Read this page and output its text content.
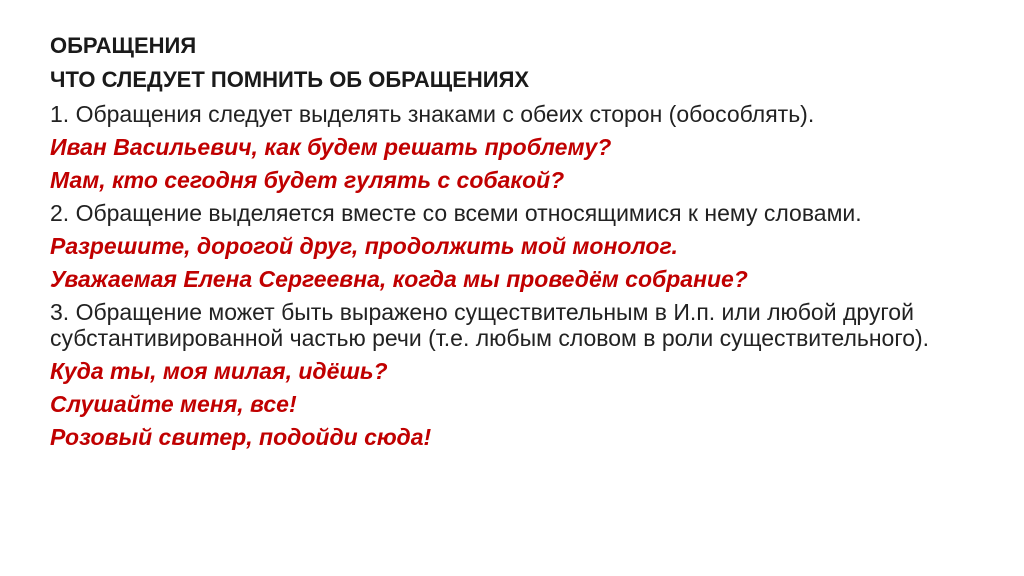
ОБРАЩЕНИЯ
ЧТО СЛЕДУЕТ ПОМНИТЬ ОБ ОБРАЩЕНИЯХ
1. Обращения следует выделять знаками с обеих сторон (обособлять).
Иван Васильевич, как будем решать проблему?
Мам, кто сегодня будет гулять с собакой?
2. Обращение выделяется вместе со всеми относящимися к нему словами.
Разрешите, дорогой друг, продолжить мой монолог.
Уважаемая Елена Сергеевна, когда мы проведём собрание?
3. Обращение может быть выражено существительным в И.п. или любой другой субстантивированной частью речи (т.е. любым словом в роли существительного).
Куда ты, моя милая, идёшь?
Слушайте меня, все!
Розовый свитер, подойди сюда!
